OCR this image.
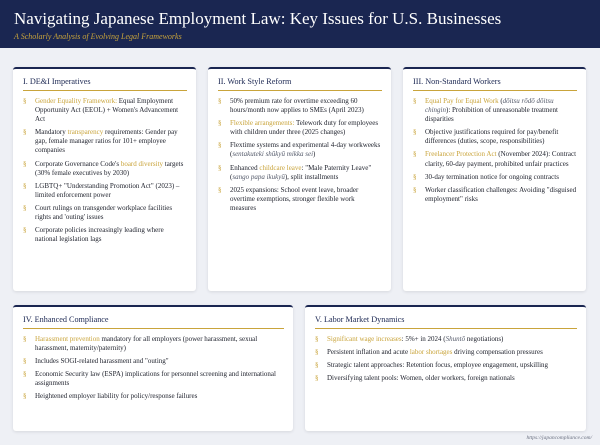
Navigating Japanese Employment Law: Key Issues for U.S. Businesses
A Scholarly Analysis of Evolving Legal Frameworks
I. DE&I Imperatives
§ Gender Equality Framework: Equal Employment Opportunity Act (EEOL) + Women's Advancement Act
§ Mandatory transparency requirements: Gender pay gap, female manager ratios for 101+ employee companies
§ Corporate Governance Code's board diversity targets (30% female executives by 2030)
§ LGBTQ+ "Understanding Promotion Act" (2023) – limited enforcement power
§ Court rulings on transgender workplace facilities rights and 'outing' issues
§ Corporate policies increasingly leading where national legislation lags
II. Work Style Reform
§ 50% premium rate for overtime exceeding 60 hours/month now applies to SMEs (April 2023)
§ Flexible arrangements: Telework duty for employees with children under three (2025 changes)
§ Flextime systems and experimental 4-day workweeks (sentakuteki shūkyū mikka sei)
§ Enhanced childcare leave: "Male Paternity Leave" (sango papa ikukyū), split installments
§ 2025 expansions: School event leave, broader overtime exemptions, stronger flexible work measures
III. Non-Standard Workers
§ Equal Pay for Equal Work (dōitsu rōdō dōitsu chingin): Prohibition of unreasonable treatment disparities
§ Objective justifications required for pay/benefit differences (duties, scope, responsibilities)
§ Freelancer Protection Act (November 2024): Contract clarity, 60-day payment, prohibited unfair practices
§ 30-day termination notice for ongoing contracts
§ Worker classification challenges: Avoiding "disguised employment" risks
IV. Enhanced Compliance
§ Harassment prevention mandatory for all employers (power harassment, sexual harassment, maternity/paternity)
§ Includes SOGI-related harassment and "outing"
§ Economic Security law (ESPA) implications for personnel screening and international assignments
§ Heightened employer liability for policy/response failures
V. Labor Market Dynamics
§ Significant wage increases: 5%+ in 2024 (Shuntō negotiations)
§ Persistent inflation and acute labor shortages driving compensation pressures
§ Strategic talent approaches: Retention focus, employee engagement, upskilling
§ Diversifying talent pools: Women, older workers, foreign nationals
https://japancompliance.com/
